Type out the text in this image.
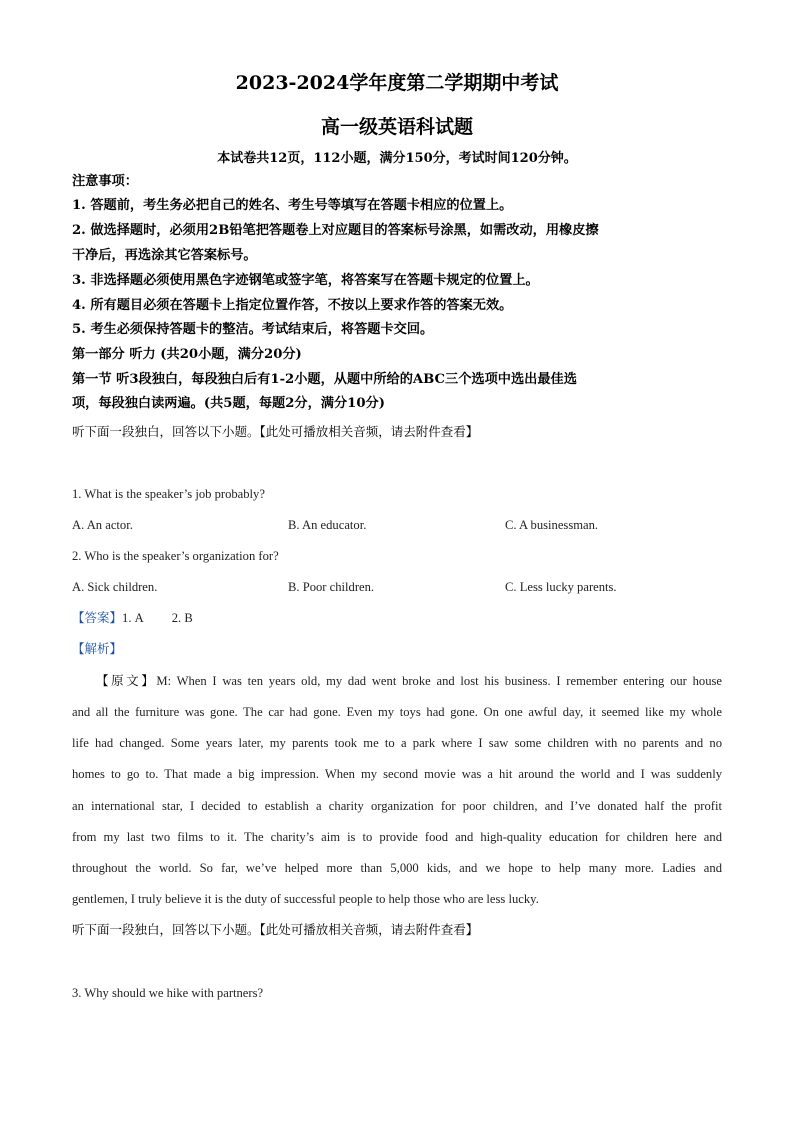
2023-2024学年度第二学期期中考试
高一级英语科试题
本试卷共12页，112小题，满分150分，考试时间120分钟。
注意事项：
1. 答题前，考生务必把自己的姓名、考生号等填写在答题卡相应的位置上。
2. 做选择题时，必须用2B铅笔把答题卷上对应题目的答案标号涂黑，如需改动，用橡皮擦
干净后，再选涂其它答案标号。
3. 非选择题必须使用黑色字迹钢笔或签字笔，将答案写在答题卡规定的位置上。
4. 所有题目必须在答题卡上指定位置作答，不按以上要求作答的答案无效。
5. 考生必须保持答题卡的整洁。考试结束后，将答题卡交回。
第一部分 听力 (共20小题，满分20分)
第一节 听3段独白，每段独白后有1-2小题，从题中所给的ABC三个选项中选出最佳选
项，每段独白读两遍。(共5题，每题2分，满分10分)
听下面一段独白，回答以下小题。【此处可播放相关音频，请去附件查看】
1. What is the speaker’s job probably?
A. An actor.	B. An educator.	C. A businessman.
2. Who is the speaker’s organization for?
A. Sick children.	B. Poor children.	C. Less lucky parents.
【答案】1. A 2. B
【解析】
【原文】M: When I was ten years old, my dad went broke and lost his business. I remember entering our house
and all the furniture was gone. The car had gone. Even my toys had gone. On one awful day, it seemed like my whole
life had changed. Some years later, my parents took me to a park where I saw some children with no parents and no
homes to go to. That made a big impression. When my second movie was a hit around the world and I was suddenly
an international star, I decided to establish a charity organization for poor children, and I’ve donated half the profit
from my last two films to it. The charity’s aim is to provide food and high-quality education for children here and
throughout the world. So far, we’ve helped more than 5,000 kids, and we hope to help many more. Ladies and
gentlemen, I truly believe it is the duty of successful people to help those who are less lucky.
听下面一段独白，回答以下小题。【此处可播放相关音频，请去附件查看】
3. Why should we hike with partners?
